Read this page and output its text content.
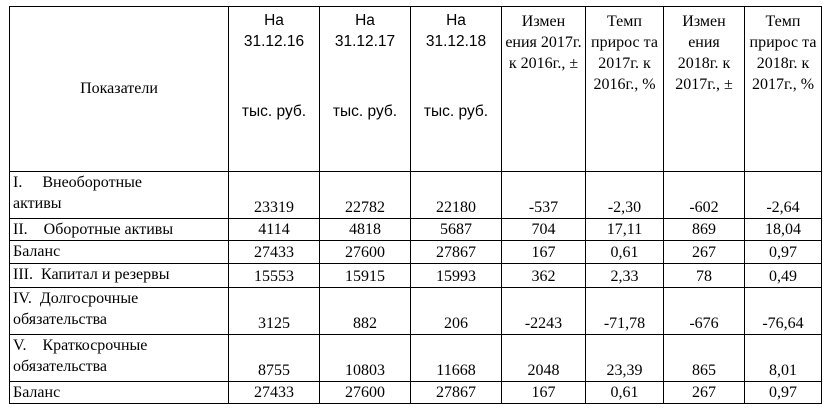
Показатели	На 31.12.16	На 31.12.17	На 31.12.18	Измен ения 2017г. к 2016г., ±	Темп прирос та 2017г. к 2016г., %	Измен ения 2018г. к 2017г., ±	Темп прирос та 2018г. к 2017г., %
	тыс. руб.	тыс. руб.	тыс. руб.				

I.     Внеоборотные
активы	23319	22782	22180	-537	-2,30	-602	-2,64

II.    Оборотные активы	4114	4818	5687	704	17,11	869	18,04

Баланс	27433	27600	27867	167	0,61	267	0,97

III.  Капитал и резервы	15553	15915	15993	362	2,33	78	0,49

IV.  Долгосрочные
обязательства	3125	882	206	-2243	-71,78	-676	-76,64

V.    Краткосрочные
обязательства	8755	10803	11668	2048	23,39	865	8,01

Баланс	27433	27600	27867	167	0,61	267	0,97
